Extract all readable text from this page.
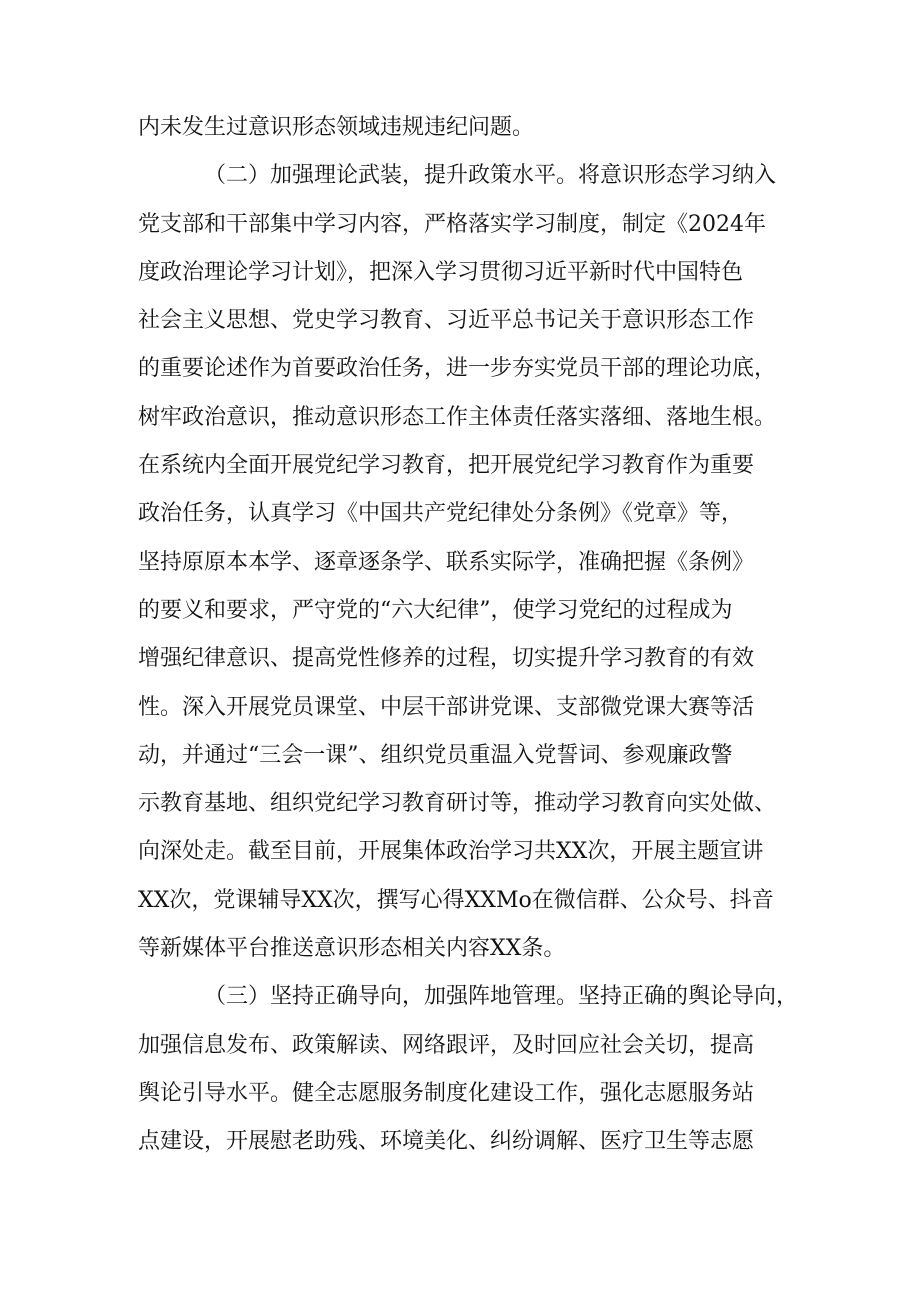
内未发生过意识形态领域违规违纪问题。
（二）加强理论武装，提升政策水平。将意识形态学习纳入
党支部和干部集中学习内容，严格落实学习制度，制定《2024年
度政治理论学习计划》，把深入学习贯彻习近平新时代中国特色
社会主义思想、党史学习教育、习近平总书记关于意识形态工作
的重要论述作为首要政治任务，进一步夯实党员干部的理论功底，
树牢政治意识，推动意识形态工作主体责任落实落细、落地生根。
在系统内全面开展党纪学习教育，把开展党纪学习教育作为重要
政治任务，认真学习《中国共产党纪律处分条例》《党章》等，
坚持原原本本学、逐章逐条学、联系实际学，准确把握《条例》
的要义和要求，严守党的“六大纪律”，使学习党纪的过程成为
增强纪律意识、提高党性修养的过程，切实提升学习教育的有效
性。深入开展党员课堂、中层干部讲党课、支部微党课大赛等活
动，并通过“三会一课”、组织党员重温入党誓词、参观廉政警
示教育基地、组织党纪学习教育研讨等，推动学习教育向实处做、
向深处走。截至目前，开展集体政治学习共XX次，开展主题宣讲
XX次，党课辅导XX次，撰写心得XXMo在微信群、公众号、抖音
等新媒体平台推送意识形态相关内容XX条。
（三）坚持正确导向，加强阵地管理。坚持正确的舆论导向，
加强信息发布、政策解读、网络跟评，及时回应社会关切，提高
舆论引导水平。健全志愿服务制度化建设工作，强化志愿服务站
点建设，开展慰老助残、环境美化、纠纷调解、医疗卫生等志愿
